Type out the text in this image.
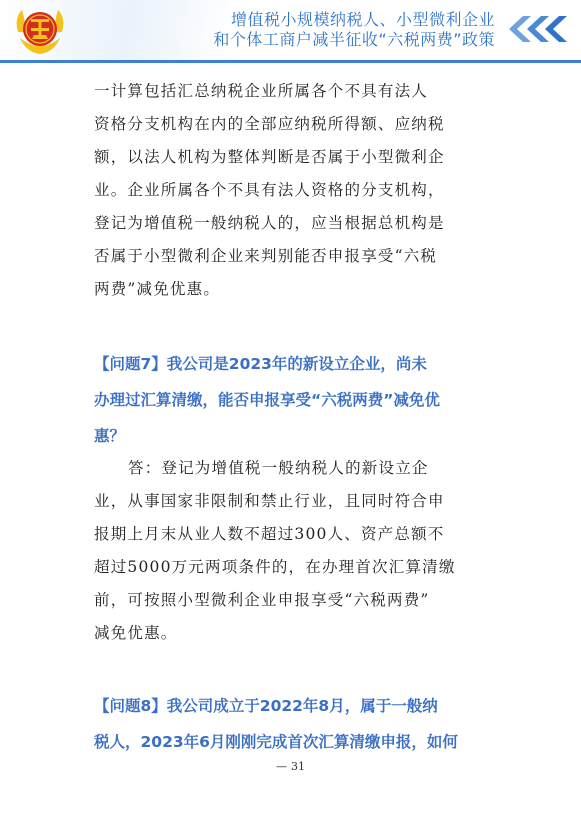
增值税小规模纳税人、小型微利企业
和个体工商户减半征收“六税两费”政策
一计算包括汇总纳税企业所属各个不具有法人
资格分支机构在内的全部应纳税所得额、应纳税
额，以法人机构为整体判断是否属于小型微利企
业。企业所属各个不具有法人资格的分支机构，
登记为增值税一般纳税人的，应当根据总机构是
否属于小型微利企业来判别能否申报享受“六税
两费”减免优惠。
【问题7】我公司是2023年的新设立企业，尚未
办理过汇算清缴，能否申报享受“六税两费”减免优
惠？
答：登记为增值税一般纳税人的新设立企
业，从事国家非限制和禁止行业，且同时符合申
报期上月末从业人数不超过300人、资产总额不
超过5000万元两项条件的，在办理首次汇算清缴
前，可按照小型微利企业申报享受“六税两费”
减免优惠。
【问题8】我公司成立于2022年8月，属于一般纳
税人，2023年6月刚刚完成首次汇算清缴申报，如何
— 31
